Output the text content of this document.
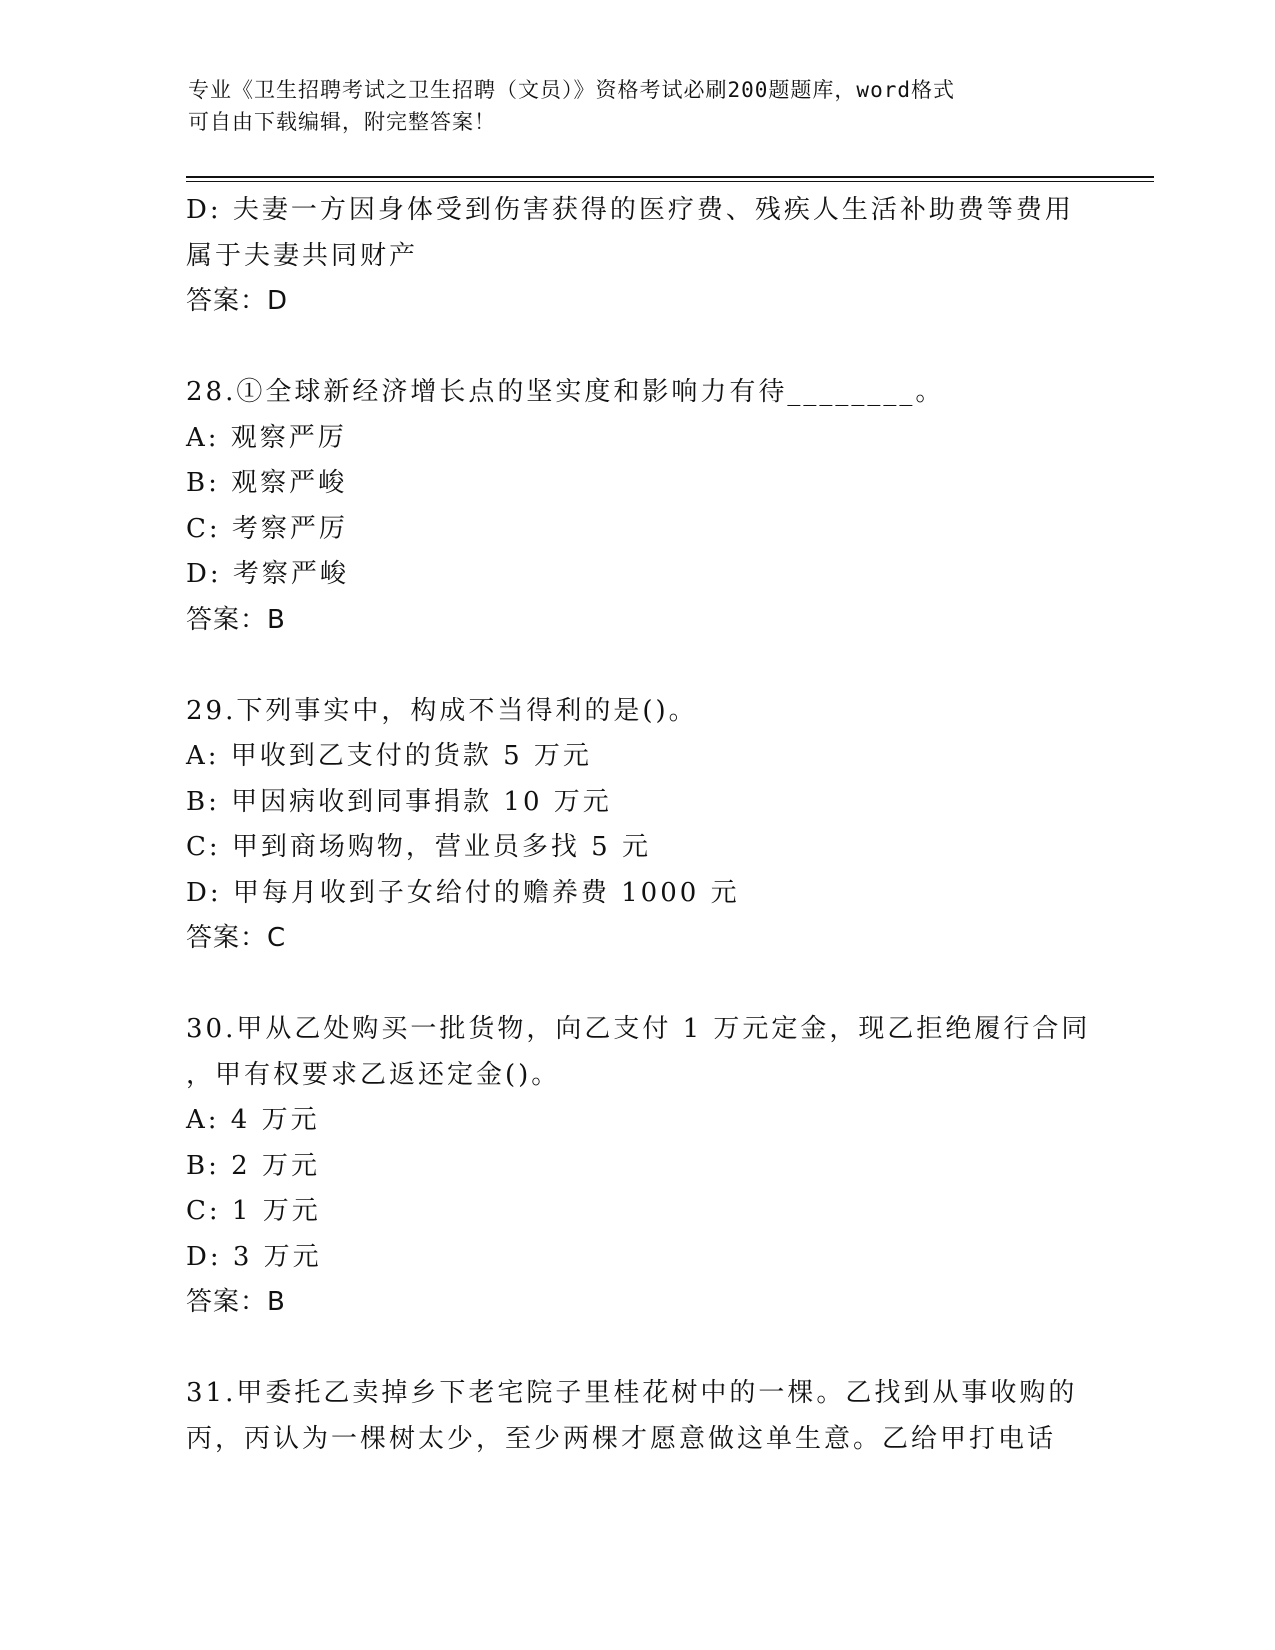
专业《卫生招聘考试之卫生招聘（文员）》资格考试必刷200题题库，word格式
可自由下载编辑，附完整答案！
D: 夫妻一方因身体受到伤害获得的医疗费、残疾人生活补助费等费用
属于夫妻共同财产
答案：D
28.①全球新经济增长点的坚实度和影响力有待________。
A: 观察严厉
B: 观察严峻
C: 考察严厉
D: 考察严峻
答案：B
29.下列事实中，构成不当得利的是()。
A: 甲收到乙支付的货款 5 万元
B: 甲因病收到同事捐款 10 万元
C: 甲到商场购物，营业员多找 5 元
D: 甲每月收到子女给付的赡养费 1000 元
答案：C
30.甲从乙处购买一批货物，向乙支付 1 万元定金，现乙拒绝履行合同
，甲有权要求乙返还定金()。
A: 4 万元
B: 2 万元
C: 1 万元
D: 3 万元
答案：B
31.甲委托乙卖掉乡下老宅院子里桂花树中的一棵。乙找到从事收购的
丙，丙认为一棵树太少，至少两棵才愿意做这单生意。乙给甲打电话
